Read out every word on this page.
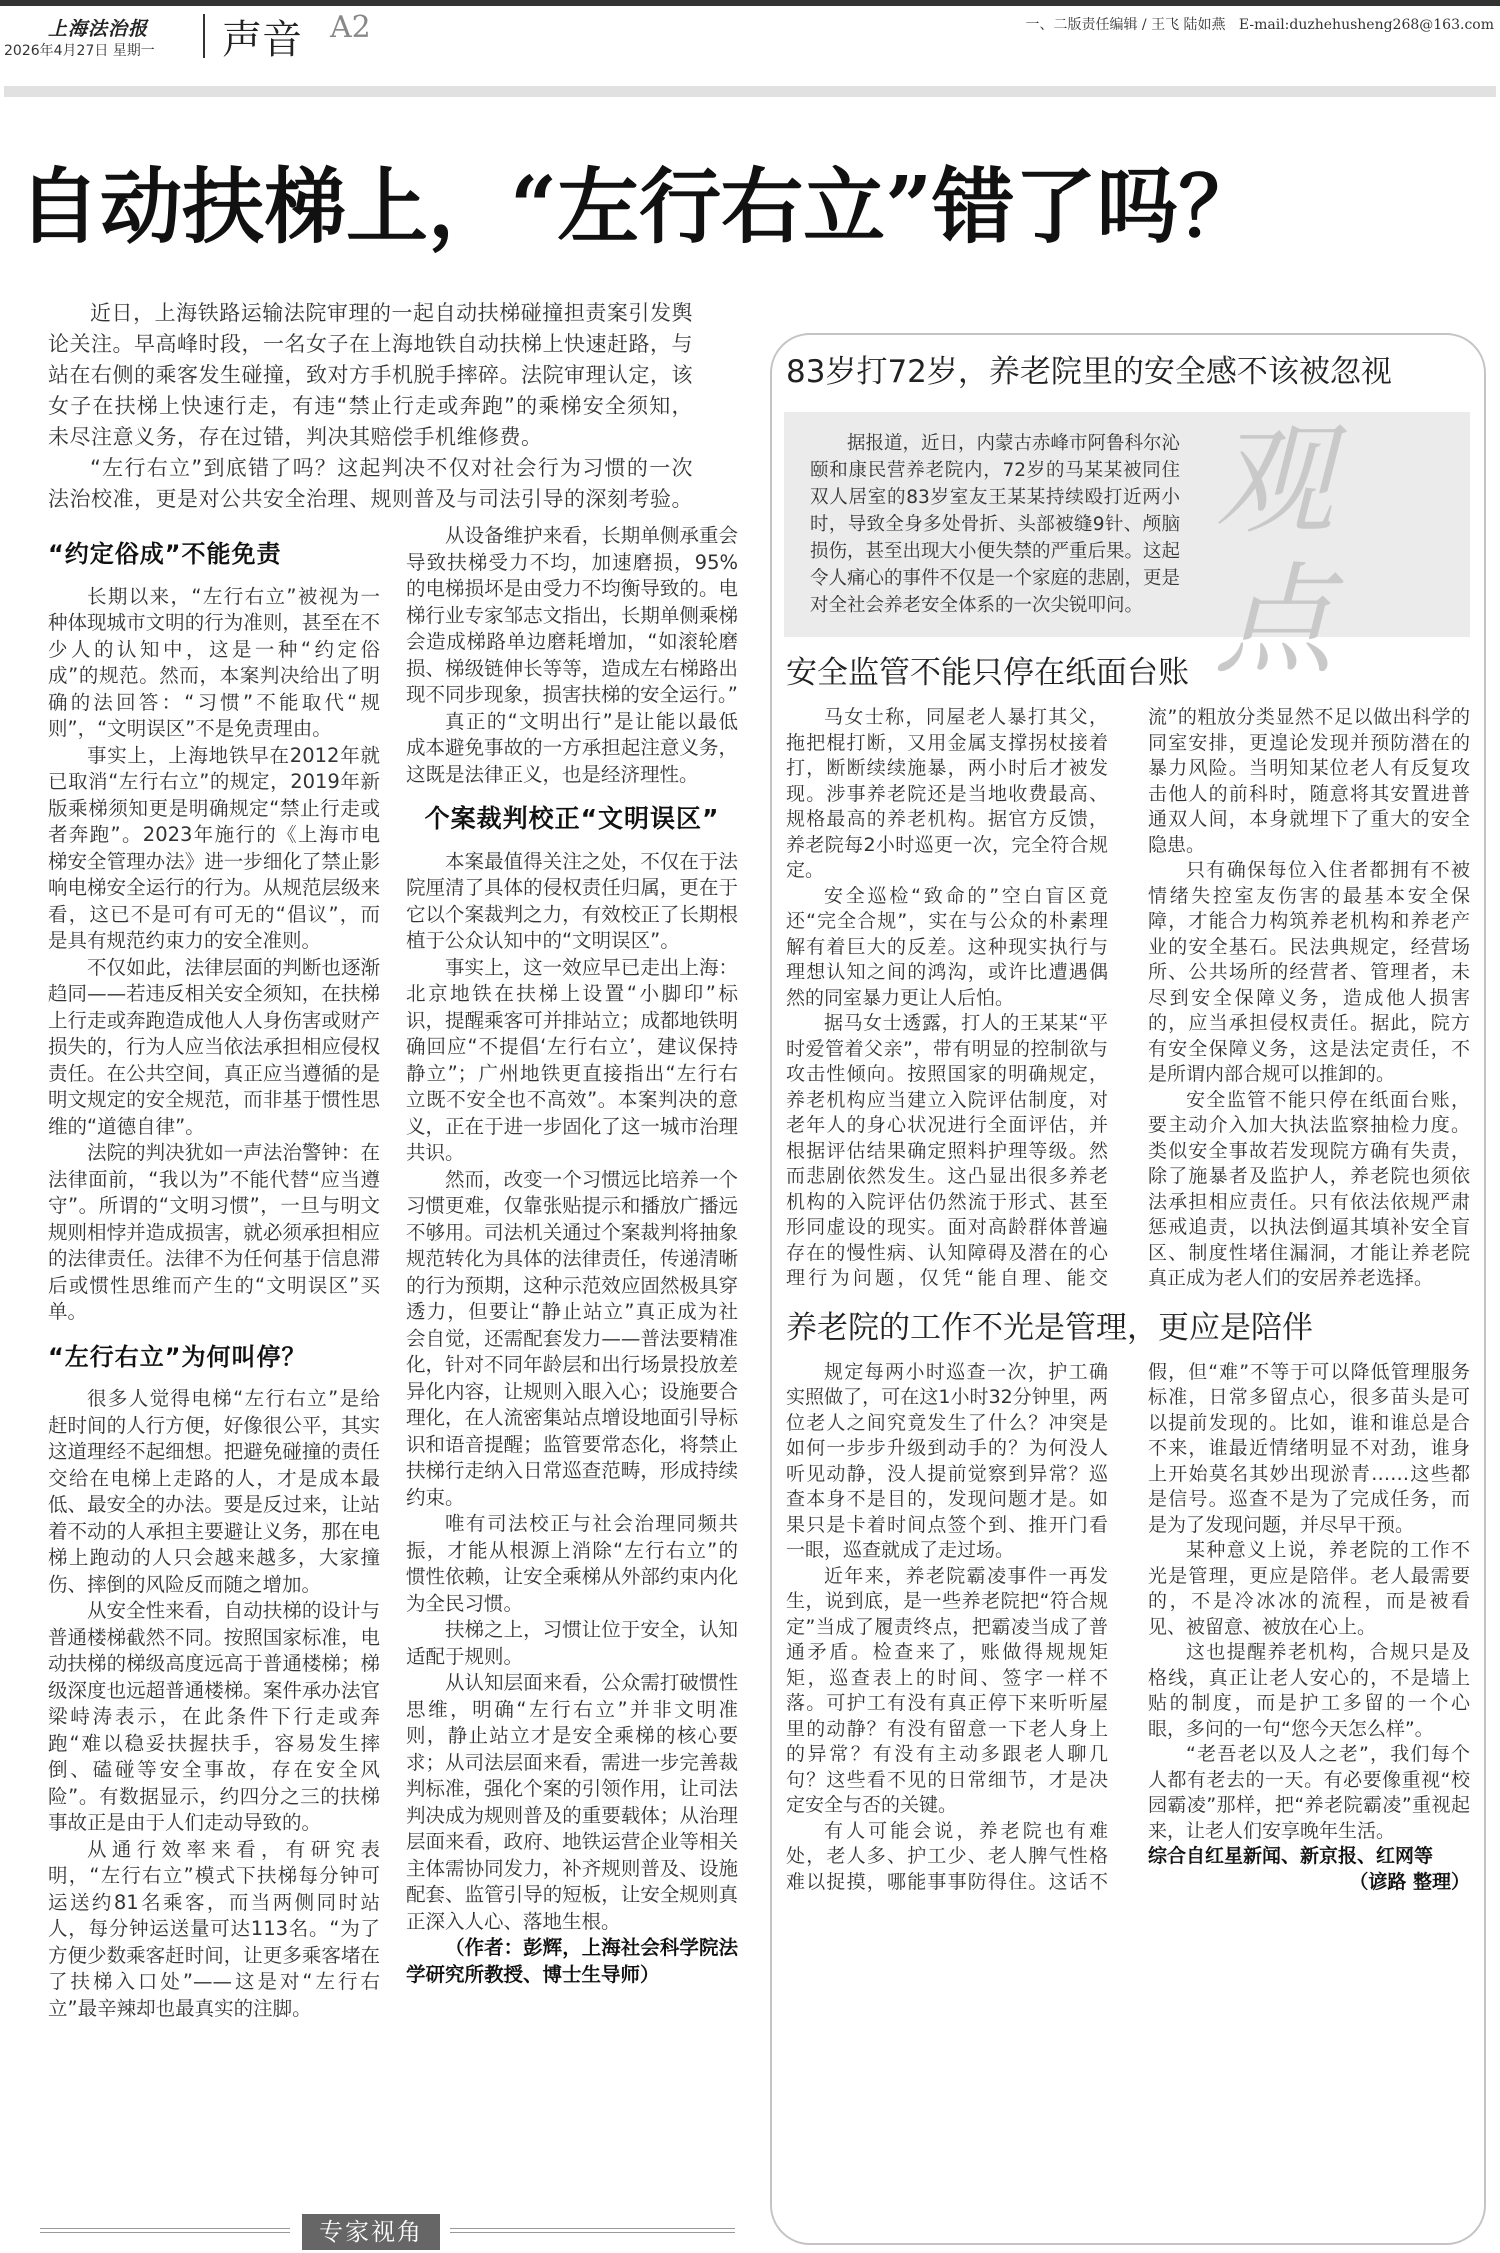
上海法治报
2026年4月27日 星期一 声音 A2	一、二版责任编辑 / 王飞 陆如燕 E-mail:duzhehusheng268@163.com
自动扶梯上，“左行右立”错了吗？

近日，上海铁路运输法院审理的一起自动扶梯碰撞担责案引发舆论关注。早高峰时段，一名女子在上海地铁自动扶梯上快速赶路，与站在右侧的乘客发生碰撞，致对方手机脱手摔碎。法院审理认定，该女子在扶梯上快速行走，有违“禁止行走或奔跑”的乘梯安全须知，未尽注意义务，存在过错，判决其赔偿手机维修费。

“左行右立”到底错了吗？这起判决不仅对社会行为习惯的一次法治校准，更是对公共安全治理、规则普及与司法引导的深刻考验。

“约定俗成”不能免责

长期以来，“左行右立”被视为一种体现城市文明的行为准则，甚至在不少人的认知中，这是一种“约定俗成”的规范。然而，本案判决给出了明确的法回答：“习惯”不能取代“规则”，“文明误区”不是免责理由。

事实上，上海地铁早在2012年就已取消“左行右立”的规定，2019年新版乘梯须知更是明确规定“禁止行走或者奔跑”。2023年施行的《上海市电梯安全管理办法》进一步细化了禁止影响电梯安全运行的行为。从规范层级来看，这已不是可有可无的“倡议”，而是具有规范约束力的安全准则。

不仅如此，法律层面的判断也逐渐趋同——若违反相关安全须知，在扶梯上行走或奔跑造成他人人身伤害或财产损失的，行为人应当依法承担相应侵权责任。在公共空间，真正应当遵循的是明文规定的安全规范，而非基于惯性思维的“道德自律”。

法院的判决犹如一声法治警钟：在法律面前，“我以为”不能代替“应当遵守”。所谓的“文明习惯”，一旦与明文规则相悖并造成损害，就必须承担相应的法律责任。法律不为任何基于信息滞后或惯性思维而产生的“文明误区”买单。

“左行右立”为何叫停？

很多人觉得电梯“左行右立”是给赶时间的人行方便，好像很公平，其实这道理经不起细想。把避免碰撞的责任交给在电梯上走路的人，才是成本最低、最安全的办法。要是反过来，让站着不动的人承担主要避让义务，那在电梯上跑动的人只会越来越多，大家撞伤、摔倒的风险反而随之增加。

从安全性来看，自动扶梯的设计与普通楼梯截然不同。按照国家标准，电动扶梯的梯级高度远高于普通楼梯；梯级深度也远超普通楼梯。案件承办法官梁峙涛表示，在此条件下行走或奔跑“难以稳妥扶握扶手，容易发生摔倒、磕碰等安全事故，存在安全风险”。有数据显示，约四分之三的扶梯事故正是由于人们走动导致的。

从通行效率来看，有研究表明，“左行右立”模式下扶梯每分钟可运送约81名乘客，而当两侧同时站人，每分钟运送量可达113名。“为了方便少数乘客赶时间，让更多乘客堵在了扶梯入口处”——这是对“左行右立”最辛辣却也最真实的注脚。

从设备维护来看，长期单侧承重会导致扶梯受力不均，加速磨损，95%的电梯损坏是由受力不均衡导致的。电梯行业专家邹志文指出，长期单侧乘梯会造成梯路单边磨耗增加，“如滚轮磨损、梯级链伸长等等，造成左右梯路出现不同步现象，损害扶梯的安全运行。”

真正的“文明出行”是让能以最低成本避免事故的一方承担起注意义务，这既是法律正义，也是经济理性。

个案裁判校正“文明误区”

本案最值得关注之处，不仅在于法院厘清了具体的侵权责任归属，更在于它以个案裁判之力，有效校正了长期根植于公众认知中的“文明误区”。

事实上，这一效应早已走出上海：北京地铁在扶梯上设置“小脚印”标识，提醒乘客可并排站立；成都地铁明确回应“不提倡‘左行右立’，建议保持静立”；广州地铁更直接指出“左行右立既不安全也不高效”。本案判决的意义，正在于进一步固化了这一城市治理共识。

然而，改变一个习惯远比培养一个习惯更难，仅靠张贴提示和播放广播远不够用。司法机关通过个案裁判将抽象规范转化为具体的法律责任，传递清晰的行为预期，这种示范效应固然极具穿透力，但要让“静止站立”真正成为社会自觉，还需配套发力——普法要精准化，针对不同年龄层和出行场景投放差异化内容，让规则入眼入心；设施要合理化，在人流密集站点增设地面引导标识和语音提醒；监管要常态化，将禁止扶梯行走纳入日常巡查范畴，形成持续约束。

唯有司法校正与社会治理同频共振，才能从根源上消除“左行右立”的惯性依赖，让安全乘梯从外部约束内化为全民习惯。

扶梯之上，习惯让位于安全，认知适配于规则。

从认知层面来看，公众需打破惯性思维，明确“左行右立”并非文明准则，静止站立才是安全乘梯的核心要求；从司法层面来看，需进一步完善裁判标准，强化个案的引领作用，让司法判决成为规则普及的重要载体；从治理层面来看，政府、地铁运营企业等相关主体需协同发力，补齐规则普及、设施配套、监管引导的短板，让安全规则真正深入人心、落地生根。

（作者：彭辉，上海社会科学院法学研究所教授、博士生导师）

专家视角
83岁打72岁，养老院里的安全感不该被忽视
观点

据报道，近日，内蒙古赤峰市阿鲁科尔沁颐和康民营养老院内，72岁的马某某被同住双人居室的83岁室友王某某持续殴打近两小时，导致全身多处骨折、头部被缝9针、颅脑损伤，甚至出现大小便失禁的严重后果。这起令人痛心的事件不仅是一个家庭的悲剧，更是对全社会养老安全体系的一次尖锐叩问。

安全监管不能只停在纸面台账

马女士称，同屋老人暴打其父，拖把棍打断，又用金属支撑拐杖接着打，断断续续施暴，两小时后才被发现。涉事养老院还是当地收费最高、规格最高的养老机构。据官方反馈，养老院每2小时巡更一次，完全符合规定。

安全巡检“致命的”空白盲区竟还“完全合规”，实在与公众的朴素理解有着巨大的反差。这种现实执行与理想认知之间的鸿沟，或许比遭遇偶然的同室暴力更让人后怕。

据马女士透露，打人的王某某“平时爱管着父亲”，带有明显的控制欲与攻击性倾向。按照国家的明确规定，养老机构应当建立入院评估制度，对老年人的身心状况进行全面评估，并根据评估结果确定照料护理等级。然而悲剧依然发生。这凸显出很多养老机构的入院评估仍然流于形式、甚至形同虚设的现实。面对高龄群体普遍存在的慢性病、认知障碍及潜在的心理行为问题，仅凭“能自理、能交流”的粗放分类显然不足以做出科学的同室安排，更遑论发现并预防潜在的暴力风险。当明知某位老人有反复攻击他人的前科时，随意将其安置进普通双人间，本身就埋下了重大的安全隐患。

只有确保每位入住者都拥有不被情绪失控室友伤害的最基本安全保障，才能合力构筑养老机构和养老产业的安全基石。民法典规定，经营场所、公共场所的经营者、管理者，未尽到安全保障义务，造成他人损害的，应当承担侵权责任。据此，院方有安全保障义务，这是法定责任，不是所谓内部合规可以推卸的。

安全监管不能只停在纸面台账，要主动介入加大执法监察抽检力度。类似安全事故若发现院方确有失责，除了施暴者及监护人，养老院也须依法承担相应责任。只有依法依规严肃惩戒追责，以执法倒逼其填补安全盲区、制度性堵住漏洞，才能让养老院真正成为老人们的安居养老选择。

养老院的工作不光是管理，更应是陪伴

规定每两小时巡查一次，护工确实照做了，可在这1小时32分钟里，两位老人之间究竟发生了什么？冲突是如何一步步升级到动手的？为何没人听见动静，没人提前觉察到异常？巡查本身不是目的，发现问题才是。如果只是卡着时间点签个到、推开门看一眼，巡查就成了走过场。

近年来，养老院霸凌事件一再发生，说到底，是一些养老院把“符合规定”当成了履责终点，把霸凌当成了普通矛盾。检查来了，账做得规规矩矩，巡查表上的时间、签字一样不落。可护工有没有真正停下来听听屋里的动静？有没有留意一下老人身上的异常？有没有主动多跟老人聊几句？这些看不见的日常细节，才是决定安全与否的关键。

有人可能会说，养老院也有难处，老人多、护工少、老人脾气性格难以捉摸，哪能事事防得住。这话不假，但“难”不等于可以降低管理服务标准，日常多留点心，很多苗头是可以提前发现的。比如，谁和谁总是合不来，谁最近情绪明显不对劲，谁身上开始莫名其妙出现淤青……这些都是信号。巡查不是为了完成任务，而是为了发现问题，并尽早干预。

某种意义上说，养老院的工作不光是管理，更应是陪伴。老人最需要的，不是冷冰冰的流程，而是被看见、被留意、被放在心上。

这也提醒养老机构，合规只是及格线，真正让老人安心的，不是墙上贴的制度，而是护工多留的一个心眼，多问的一句“您今天怎么样”。

“老吾老以及人之老”，我们每个人都有老去的一天。有必要像重视“校园霸凌”那样，把“养老院霸凌”重视起来，让老人们安享晚年生活。

综合自红星新闻、新京报、红网等

（谚路 整理）
